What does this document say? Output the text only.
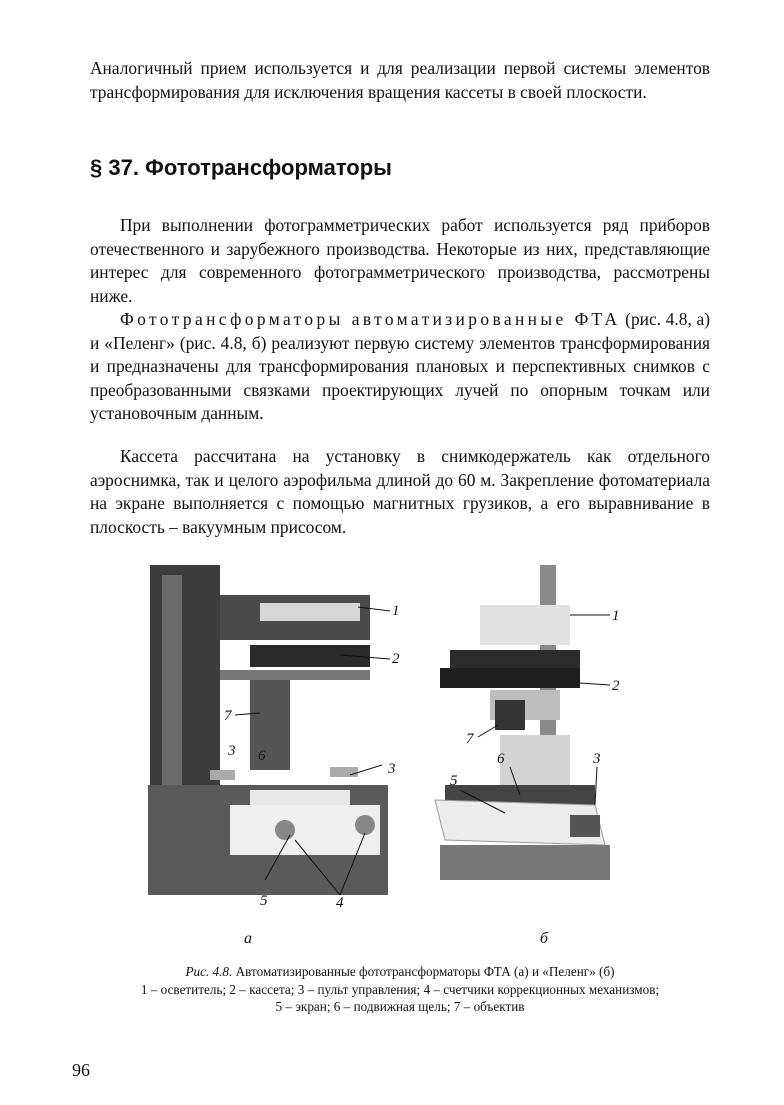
Аналогичный прием используется и для реализации первой системы элементов трансформирования для исключения вращения кассеты в своей плоскости.
§ 37. Фототрансформаторы
При выполнении фотограмметрических работ используется ряд приборов отечественного и зарубежного производства. Некоторые из них, представляющие интерес для современного фотограмметрического производства, рассмотрены ниже.
Фототрансформаторы автоматизированные ФТА (рис. 4.8, а) и «Пеленг» (рис. 4.8, б) реализуют первую систему элементов трансформирования и предназначены для трансформирования плановых и перспективных снимков с преобразованными связками проектирующих лучей по опорным точкам или установочным данным.
Кассета рассчитана на установку в снимкодержатель как отдельного аэроснимка, так и целого аэрофильма длиной до 60 м. Закрепление фотоматериала на экране выполняется с помощью магнитных грузиков, а его выравнивание в плоскость – вакуумным присосом.
1
2
7
3 6
3
5	4
1
2
7
6	3
5
а	б
Рис. 4.8. Автоматизированные фототрансформаторы ФТА (а) и «Пеленг» (б)
1 – осветитель; 2 – кассета; 3 – пульт управления; 4 – счетчики коррекционных механизмов;
5 – экран; 6 – подвижная щель; 7 – объектив
96
